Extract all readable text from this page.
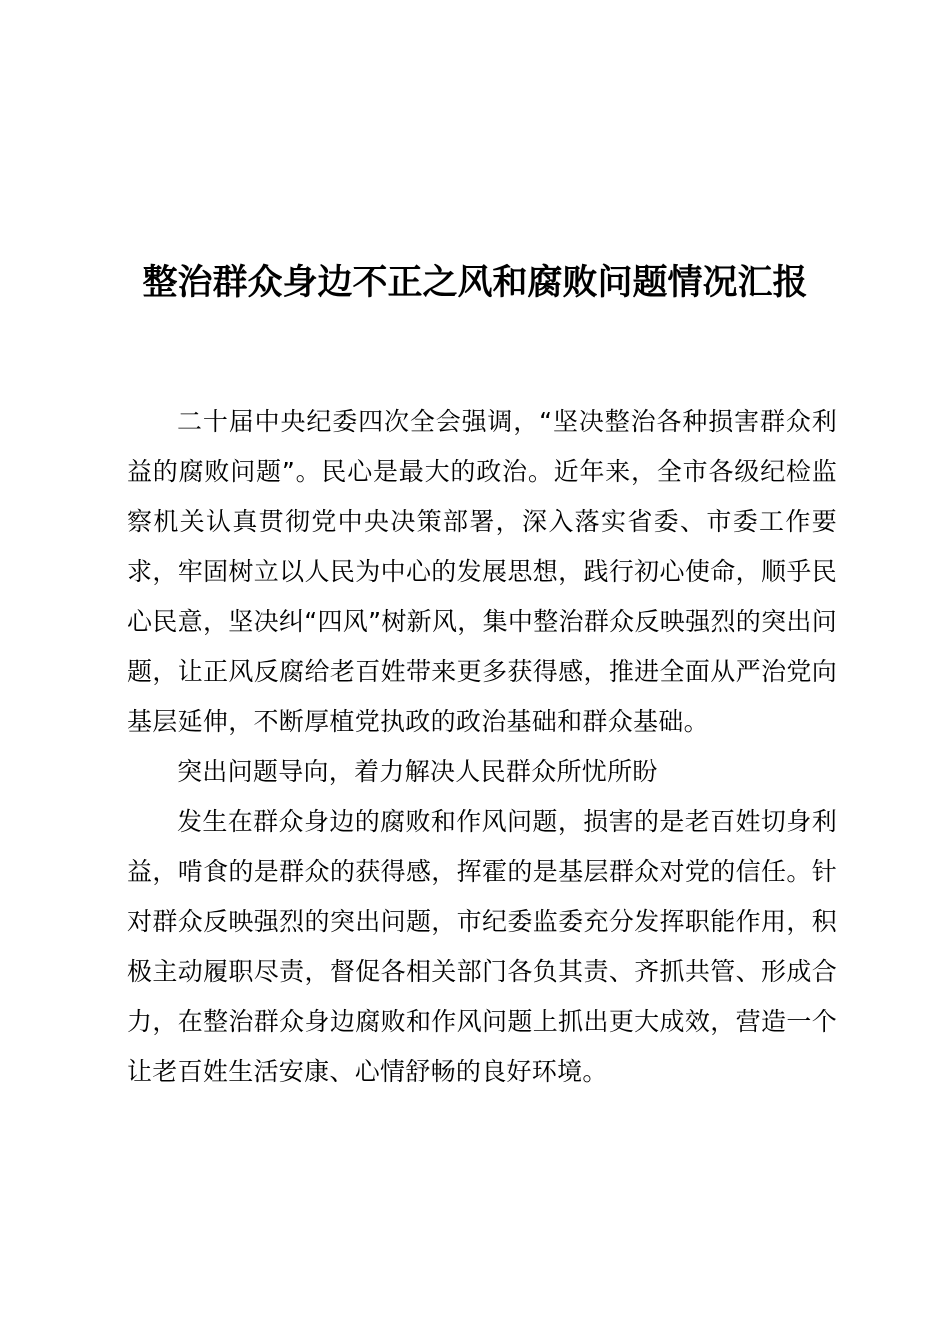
整治群众身边不正之风和腐败问题情况汇报

二十届中央纪委四次全会强调，“坚决整治各种损害群众利益的腐败问题”。民心是最大的政治。近年来，全市各级纪检监察机关认真贯彻党中央决策部署，深入落实省委、市委工作要求，牢固树立以人民为中心的发展思想，践行初心使命，顺乎民心民意，坚决纠“四风”树新风，集中整治群众反映强烈的突出问题，让正风反腐给老百姓带来更多获得感，推进全面从严治党向基层延伸，不断厚植党执政的政治基础和群众基础。

突出问题导向，着力解决人民群众所忧所盼

发生在群众身边的腐败和作风问题，损害的是老百姓切身利益，啃食的是群众的获得感，挥霍的是基层群众对党的信任。针对群众反映强烈的突出问题，市纪委监委充分发挥职能作用，积极主动履职尽责，督促各相关部门各负其责、齐抓共管、形成合力，在整治群众身边腐败和作风问题上抓出更大成效，营造一个让老百姓生活安康、心情舒畅的良好环境。
